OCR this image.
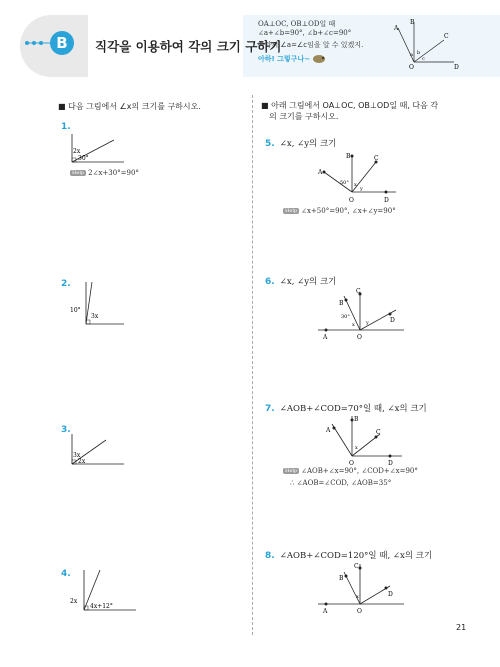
B	직각을 이용하여 각의 크기 구하기
OA⊥OC, OB⊥OD일 때
∠a+∠b=90°, ∠b+∠c=90°
따라서 ∠a=∠c임을 알 수 있겠지.
아하! 그렇구나~
A
B
C
D
O
a b
c
■ 다음 그림에서 ∠x의 크기를 구하시오.
1.
2x
30°
Help 2∠x+30°=90°
2.
10°
3x
3.
3x
2x
4.
2x
4x+12°
■ 아래 그림에서 OA⊥OC, OB⊥OD일 때, 다음 각
의 크기를 구하시오.
5. ∠x, ∠y의 크기
A
B	C
D
O
50° x
y
Help ∠x+50°=90°, ∠x+∠y=90°
6. ∠x, ∠y의 크기
A
B
C
D
O
30°
x y
7. ∠AOB+∠COD=70°일 때, ∠x의 크기
A
B
C
D
O
x
Help ∠AOB+∠x=90°, ∠COD+∠x=90°
∴ ∠AOB=∠COD, ∠AOB=35°
8. ∠AOB+∠COD=120°일 때, ∠x의 크기
A
B
C
D
O
x
21
